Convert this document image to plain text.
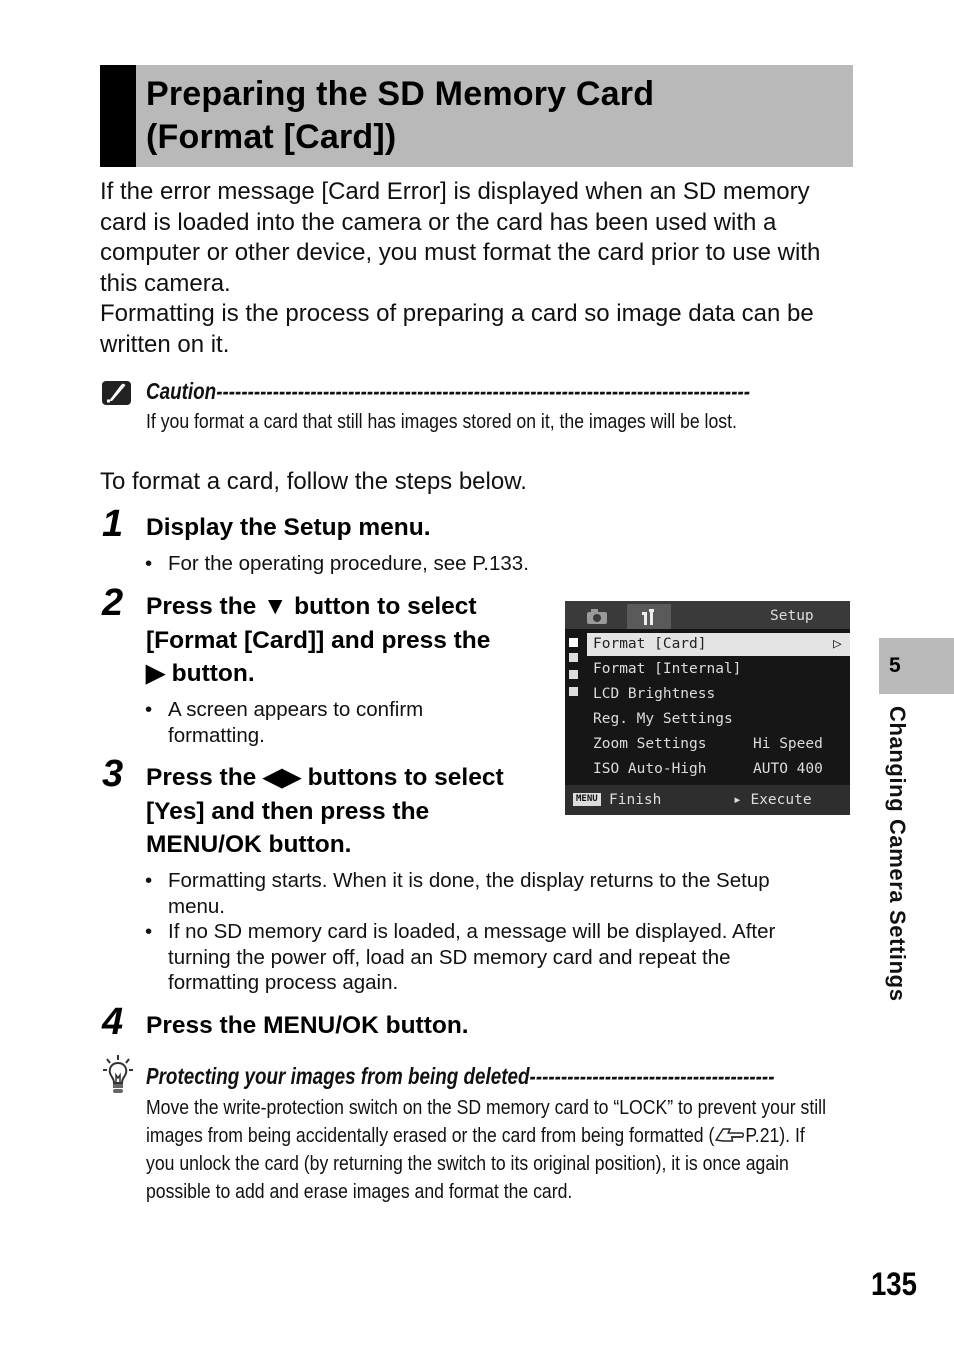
Preparing the SD Memory Card
(Format [Card])
If the error message [Card Error] is displayed when an SD memory
card is loaded into the camera or the card has been used with a
computer or other device, you must format the card prior to use with
this camera.
Formatting is the process of preparing a card so image data can be
written on it.
Caution-------------------------------------------------------------------------------------
If you format a card that still has images stored on it, the images will be lost.
To format a card, follow the steps below.
1 Display the Setup menu.
• For the operating procedure, see P.133.
2 Press the ▼ button to select
[Format [Card]] and press the
▶ button.
• A screen appears to confirm
formatting.
Setup
Format [Card]	▷
Format [Internal]
LCD Brightness
Reg. My Settings
Zoom Settings	Hi Speed
ISO Auto-High	AUTO 400
MENU Finish	▸ Execute
3 Press the ◀▶ buttons to select
[Yes] and then press the
MENU/OK button.
• Formatting starts. When it is done, the display returns to the Setup
menu.
• If no SD memory card is loaded, a message will be displayed. After
turning the power off, load an SD memory card and repeat the
formatting process again.
4 Press the MENU/OK button.
Protecting your images from being deleted---------------------------------------
Move the write-protection switch on the SD memory card to “LOCK” to prevent your still
images from being accidentally erased or the card from being formatted ( P.21). If
you unlock the card (by returning the switch to its original position), it is once again
possible to add and erase images and format the card.
5
Changing Camera Settings
135
